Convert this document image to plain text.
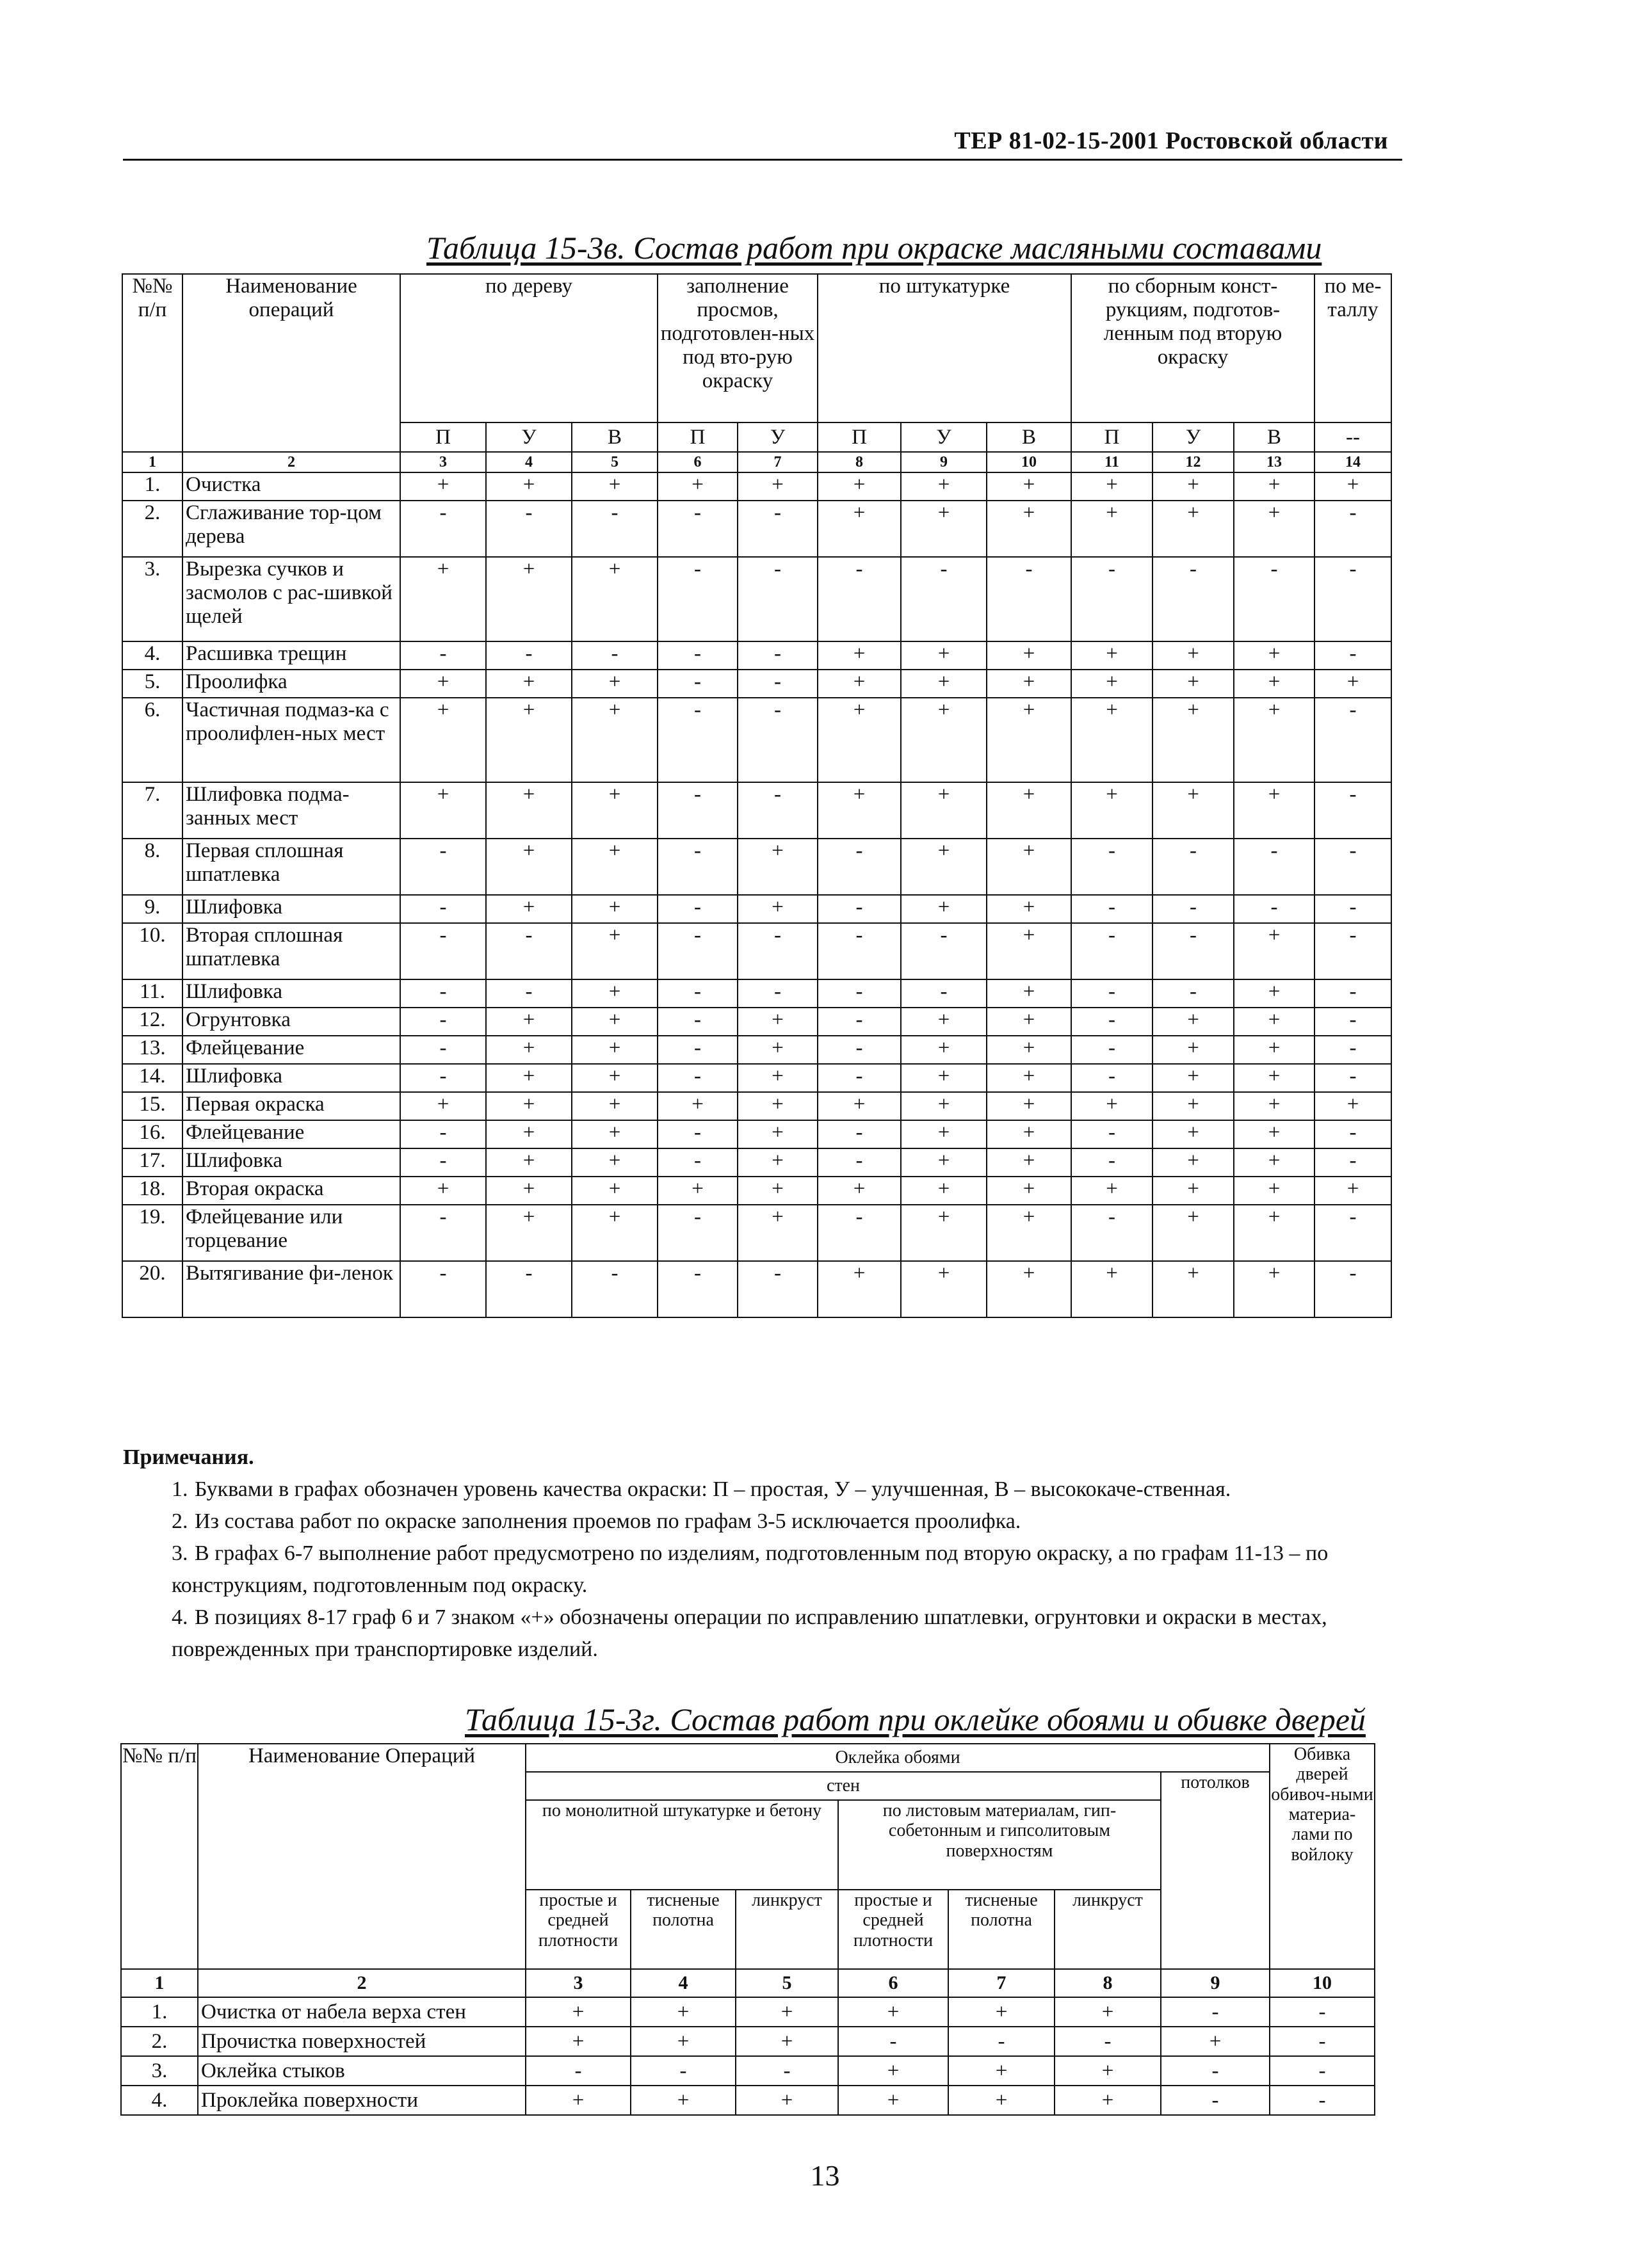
ТЕР 81-02-15-2001 Ростовской области
Таблица 15-3в. Состав работ при окраске масляными составами
№№ п/п	Наименование операций	по дереву			заполнение просмов, подготовлен-ных под вто-рую окраску		по штукатурке			по сборным конст-рукциям, подготов-ленным под вторую окраску			по ме-таллу
		П	У	В	П	У	П	У	В	П	У	В	--
1	2	3	4	5	6	7	8	9	10	11	12	13	14
1.	Очистка	+	+	+	+	+	+	+	+	+	+	+	+
2.	Сглаживание тор-цом дерева	-	-	-	-	-	+	+	+	+	+	+	-
3.	Вырезка сучков и засмолов с рас-шивкой щелей	+	+	+	-	-	-	-	-	-	-	-	-
4.	Расшивка трещин	-	-	-	-	-	+	+	+	+	+	+	-
5.	Проолифка	+	+	+	-	-	+	+	+	+	+	+	+
6.	Частичная подмаз-ка с проолифлен-ных мест	+	+	+	-	-	+	+	+	+	+	+	-
7.	Шлифовка подма-занных мест	+	+	+	-	-	+	+	+	+	+	+	-
8.	Первая сплошная шпатлевка	-	+	+	-	+	-	+	+	-	-	-	-
9.	Шлифовка	-	+	+	-	+	-	+	+	-	-	-	-
10.	Вторая сплошная шпатлевка	-	-	+	-	-	-	-	+	-	-	+	-
11.	Шлифовка	-	-	+	-	-	-	-	+	-	-	+	-
12.	Огрунтовка	-	+	+	-	+	-	+	+	-	+	+	-
13.	Флейцевание	-	+	+	-	+	-	+	+	-	+	+	-
14.	Шлифовка	-	+	+	-	+	-	+	+	-	+	+	-
15.	Первая окраска	+	+	+	+	+	+	+	+	+	+	+	+
16.	Флейцевание	-	+	+	-	+	-	+	+	-	+	+	-
17.	Шлифовка	-	+	+	-	+	-	+	+	-	+	+	-
18.	Вторая окраска	+	+	+	+	+	+	+	+	+	+	+	+
19.	Флейцевание или торцевание	-	+	+	-	+	-	+	+	-	+	+	-
20.	Вытягивание фи-ленок	-	-	-	-	-	+	+	+	+	+	+	-
Примечания.
1. Буквами в графах обозначен уровень качества окраски: П – простая, У – улучшенная, В – высококаче-ственная.
2. Из состава работ по окраске заполнения проемов по графам 3-5 исключается проолифка.
3. В графах 6-7 выполнение работ предусмотрено по изделиям, подготовленным под вторую окраску, а по графам 11-13 – по конструкциям, подготовленным под окраску.
4. В позициях 8-17 граф 6 и 7 знаком «+» обозначены операции по исправлению шпатлевки, огрунтовки и окраски в местах, поврежденных при транспортировке изделий.
Таблица 15-3г. Состав работ при оклейке обоями и обивке дверей
№№ п/п	Наименование Операций	Оклейка обоями							Обивка дверей обивоч-ными материа-лами по войлоку
		стен						потолков	
		по монолитной штукатурке и бетону			по листовым материалам, гип-собетонным и гипсолитовым поверхностям				
		простые и средней плотности	тисненые полотна	линкруст	простые и средней плотности	тисненые полотна	линкруст		
1	2	3	4	5	6	7	8	9	10
1.	Очистка от набела верха стен	+	+	+	+	+	+	-	-
2.	Прочистка поверхностей	+	+	+	-	-	-	+	-
3.	Оклейка стыков	-	-	-	+	+	+	-	-
4.	Проклейка поверхности	+	+	+	+	+	+	-	-
13
